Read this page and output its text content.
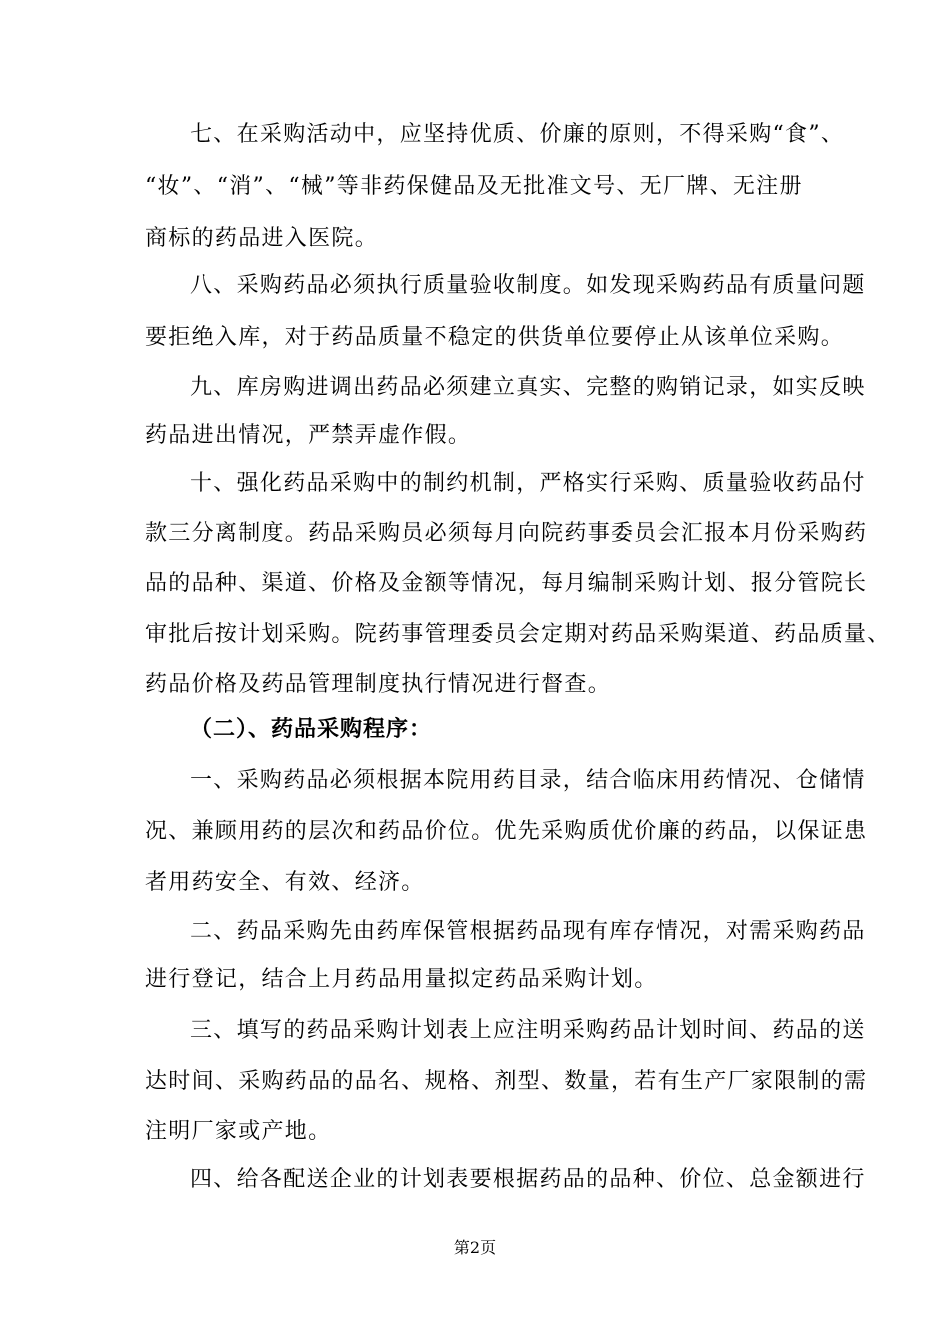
七、在采购活动中，应坚持优质、价廉的原则，不得采购“食”、
“妆”、“消”、“械”等非药保健品及无批准文号、无厂牌、无注册
商标的药品进入医院。
八、采购药品必须执行质量验收制度。如发现采购药品有质量问题
要拒绝入库，对于药品质量不稳定的供货单位要停止从该单位采购。
九、库房购进调出药品必须建立真实、完整的购销记录，如实反映
药品进出情况，严禁弄虚作假。
十、强化药品采购中的制约机制，严格实行采购、质量验收药品付
款三分离制度。药品采购员必须每月向院药事委员会汇报本月份采购药
品的品种、渠道、价格及金额等情况，每月编制采购计划、报分管院长
审批后按计划采购。院药事管理委员会定期对药品采购渠道、药品质量、
药品价格及药品管理制度执行情况进行督查。
（二）、药品采购程序：
一、采购药品必须根据本院用药目录，结合临床用药情况、仓储情
况、兼顾用药的层次和药品价位。优先采购质优价廉的药品，以保证患
者用药安全、有效、经济。
二、药品采购先由药库保管根据药品现有库存情况，对需采购药品
进行登记，结合上月药品用量拟定药品采购计划。
三、填写的药品采购计划表上应注明采购药品计划时间、药品的送
达时间、采购药品的品名、规格、剂型、数量，若有生产厂家限制的需
注明厂家或产地。
四、给各配送企业的计划表要根据药品的品种、价位、总金额进行
第2页
